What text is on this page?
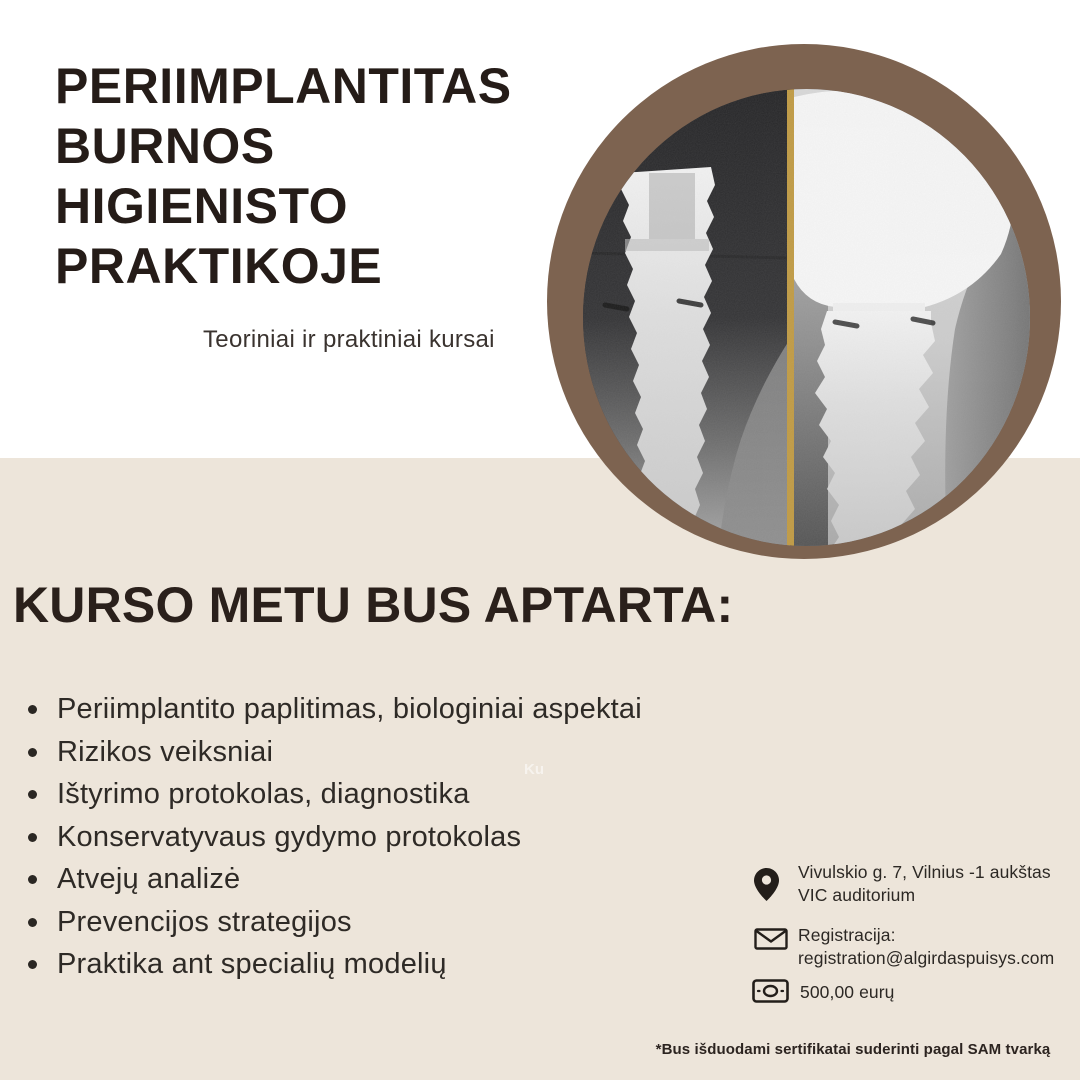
PERIIMPLANTITAS
BURNOS
HIGIENISTO
PRAKTIKOJE
Teoriniai ir praktiniai kursai
KURSO METU BUS APTARTA:
Periimplantito paplitimas, biologiniai aspektai
Rizikos veiksniai
Ištyrimo protokolas, diagnostika
Konservatyvaus gydymo protokolas
Atvejų analizė
Prevencijos strategijos
Praktika ant specialių modelių
Ku
Vivulskio g. 7, Vilnius -1 aukštas
VIC auditorium
Registracija:
registration@algirdaspuisys.com
500,00 eurų
*Bus išduodami sertifikatai suderinti pagal SAM tvarką
